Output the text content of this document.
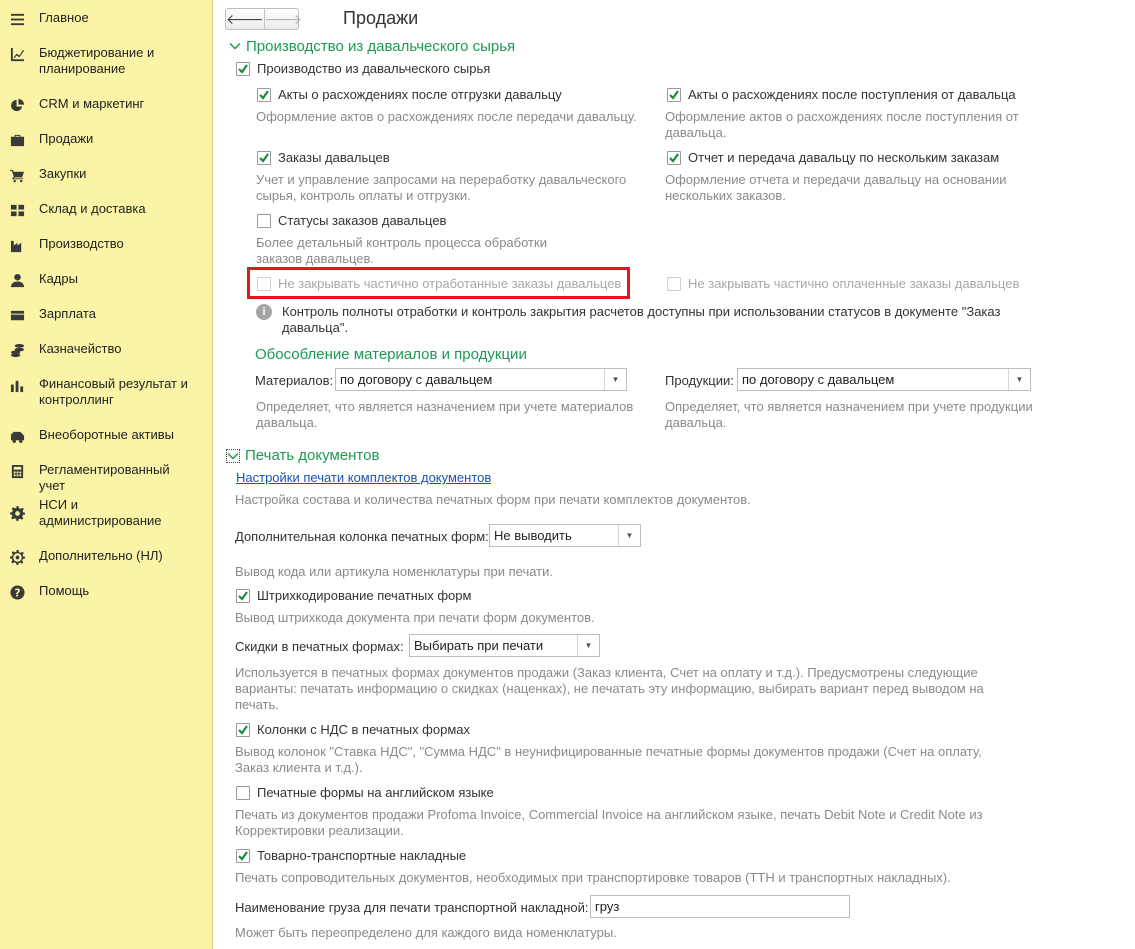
Главное
Бюджетирование и планирование
CRM и маркетинг
Продажи
Закупки
Склад и доставка
Производство
Кадры
Зарплата
Казначейство
Финансовый результат и контроллинг
Внеоборотные активы
Регламентированный учет
НСИ и администрирование
Дополнительно (НЛ)
? Помощь
🡐 🡒 Продажи
Производство из давальческого сырья
Производство из давальческого сырья
Акты о расхождениях после отгрузки давальцу
Оформление актов о расхождениях после передачи давальцу.
Акты о расхождениях после поступления от давальца
Оформление актов о расхождениях после поступления от давальца.
Заказы давальцев
Учет и управление запросами на переработку давальческого сырья, контроль оплаты и отгрузки.
Отчет и передача давальцу по нескольким заказам
Оформление отчета и передачи давальцу на основании нескольких заказов.
Статусы заказов давальцев
Более детальный контроль процесса обработки заказов давальцев.
Не закрывать частично отработанные заказы давальцев	Не закрывать частично оплаченные заказы давальцев
i	Контроль полноты отработки и контроль закрытия расчетов доступны при использовании статусов в документе "Заказ давальца".
Обособление материалов и продукции
Материалов: по договору с давальцем	▼
Определяет, что является назначением при учете материалов давальца.
Продукции: по договору с давальцем	▼
Определяет, что является назначением при учете продукции давальца.
Печать документов
Настройки печати комплектов документов
Настройка состава и количества печатных форм при печати комплектов документов.
Дополнительная колонка печатных форм: Не выводить	▼
Вывод кода или артикула номенклатуры при печати.
Штрихкодирование печатных форм
Вывод штрихкода документа при печати форм документов.
Скидки в печатных формах: Выбирать при печати	▼
Используется в печатных формах документов продажи (Заказ клиента, Счет на оплату и т.д.). Предусмотрены следующие варианты: печатать информацию о скидках (наценках), не печатать эту информацию, выбирать вариант перед выводом на печать.
Колонки с НДС в печатных формах
Вывод колонок "Ставка НДС", "Сумма НДС" в неунифицированные печатные формы документов продажи (Счет на оплату, Заказ клиента и т.д.).
Печатные формы на английском языке
Печать из документов продажи Profoma Invoice, Commercial Invoice на английском языке, печать Debit Note и Credit Note из Корректировки реализации.
Товарно-транспортные накладные
Печать сопроводительных документов, необходимых при транспортировке товаров (ТТН и транспортных накладных).
Наименование груза для печати транспортной накладной: груз
Может быть переопределено для каждого вида номенклатуры.
